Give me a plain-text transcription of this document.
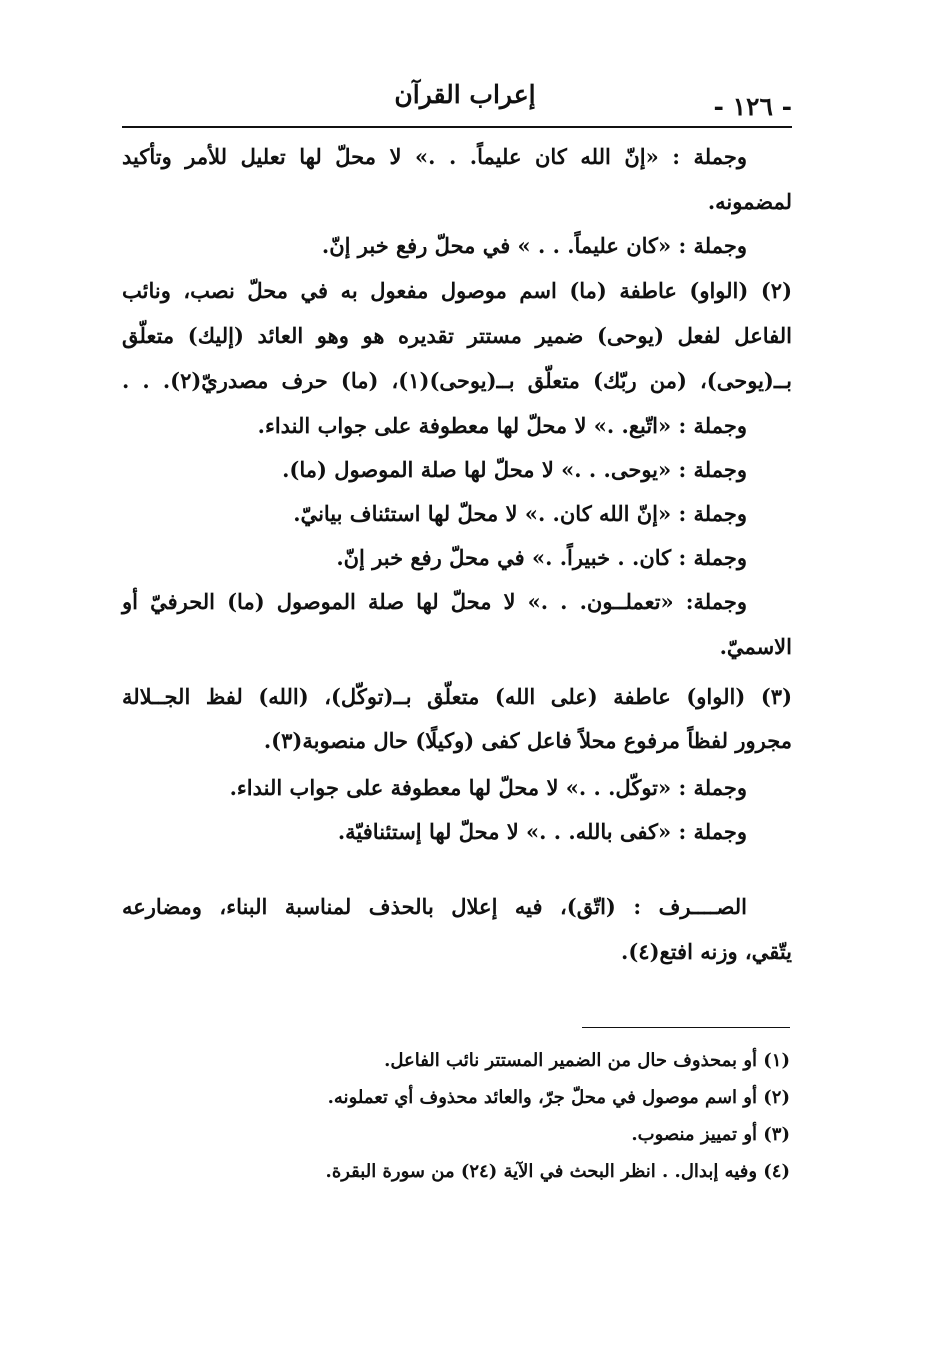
إعراب القرآن	- ١٢٦ -
وجملة : «إنّ الله كان عليماً. . .» لا محلّ لها تعليل للأمر وتأكيد
لمضمونه.
وجملة : «كان عليماً. . . » في محلّ رفع خبر إنّ.
(٢) (الواو) عاطفة (ما) اسم موصول مفعول به في محلّ نصب، ونائب
الفاعل لفعل (يوحى) ضمير مستتر تقديره هو وهو العائد (إليك) متعلّق
بــ(يوحى)، (من ربّك) متعلّق بــ(يوحى)(١)، (ما) حرف مصدريّ(٢). . .
وجملة : «اتّبع. .» لا محلّ لها معطوفة على جواب النداء.
وجملة : «يوحى. . .» لا محلّ لها صلة الموصول (ما).
وجملة : «إنّ الله كان. .» لا محلّ لها استئناف بيانيّ.
وجملة : كان. . خبيراً. .» في محلّ رفع خبر إنّ.
وجملة: «تعملــون. . .» لا محلّ لها صلة الموصول (ما) الحرفيّ أو
الاسميّ.
(٣) (الواو) عاطفة (على الله) متعلّق بــ(توكّل)، (الله) لفظ الجــلالة
مجرور لفظاً مرفوع محلاً فاعل كفى (وكيلًا) حال منصوبة(٣).
وجملة : «توكّل. . .» لا محلّ لها معطوفة على جواب النداء.
وجملة : «كفى بالله. . .» لا محلّ لها إستئنافيّة.
الصــــرف : (اتّق)، فيه إعلال بالحذف لمناسبة البناء، ومضارعه
يتّقي، وزنه افتع(٤).
(١) أو بمحذوف حال من الضمير المستتر نائب الفاعل.
(٢) أو اسم موصول في محلّ جرّ، والعائد محذوف أي تعملونه.
(٣) أو تمييز منصوب.
(٤) وفيه إبدال. . انظر البحث في الآية (٢٤) من سورة البقرة.
